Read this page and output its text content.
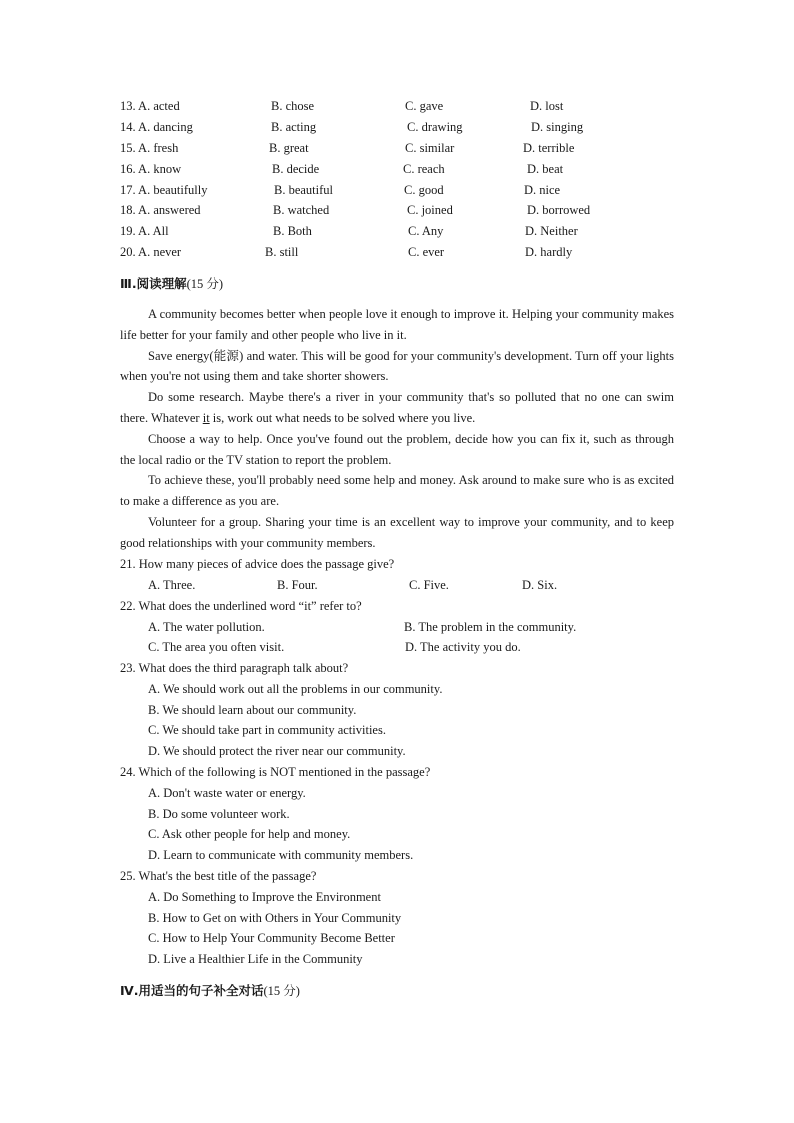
13. A. acted	B. chose	C. gave	D. lost
14. A. dancing	B. acting	C. drawing	D. singing
15. A. fresh	B. great	C. similar	D. terrible
16. A. know	B. decide	C. reach	D. beat
17. A. beautifully	B. beautiful	C. good	D. nice
18. A. answered	B. watched	C. joined	D. borrowed
19. A. All	B. Both	C. Any	D. Neither
20. A. never	B. still	C. ever	D. hardly
Ⅲ.阅读理解(15 分)

A community becomes better when people love it enough to improve it. Helping your community makes life better for your family and other people who live in it.

Save energy(能源) and water. This will be good for your community's development. Turn off your lights when you're not using them and take shorter showers.

Do some research. Maybe there's a river in your community that's so polluted that no one can swim there. Whatever it is, work out what needs to be solved where you live.

Choose a way to help. Once you've found out the problem, decide how you can fix it, such as through the local radio or the TV station to report the problem.

To achieve these, you'll probably need some help and money. Ask around to make sure who is as excited to make a difference as you are.

Volunteer for a group. Sharing your time is an excellent way to improve your community, and to keep good relationships with your community members.

21. How many pieces of advice does the passage give?
A. Three.	B. Four.	C. Five.	D. Six.
22. What does the underlined word “it” refer to?
A. The water pollution.	B. The problem in the community.
C. The area you often visit.	D. The activity you do.
23. What does the third paragraph talk about?
A. We should work out all the problems in our community.
B. We should learn about our community.
C. We should take part in community activities.
D. We should protect the river near our community.
24. Which of the following is NOT mentioned in the passage?
A. Don't waste water or energy.
B. Do some volunteer work.
C. Ask other people for help and money.
D. Learn to communicate with community members.
25. What's the best title of the passage?
A. Do Something to Improve the Environment
B. How to Get on with Others in Your Community
C. How to Help Your Community Become Better
D. Live a Healthier Life in the Community
Ⅳ.用适当的句子补全对话(15 分)
